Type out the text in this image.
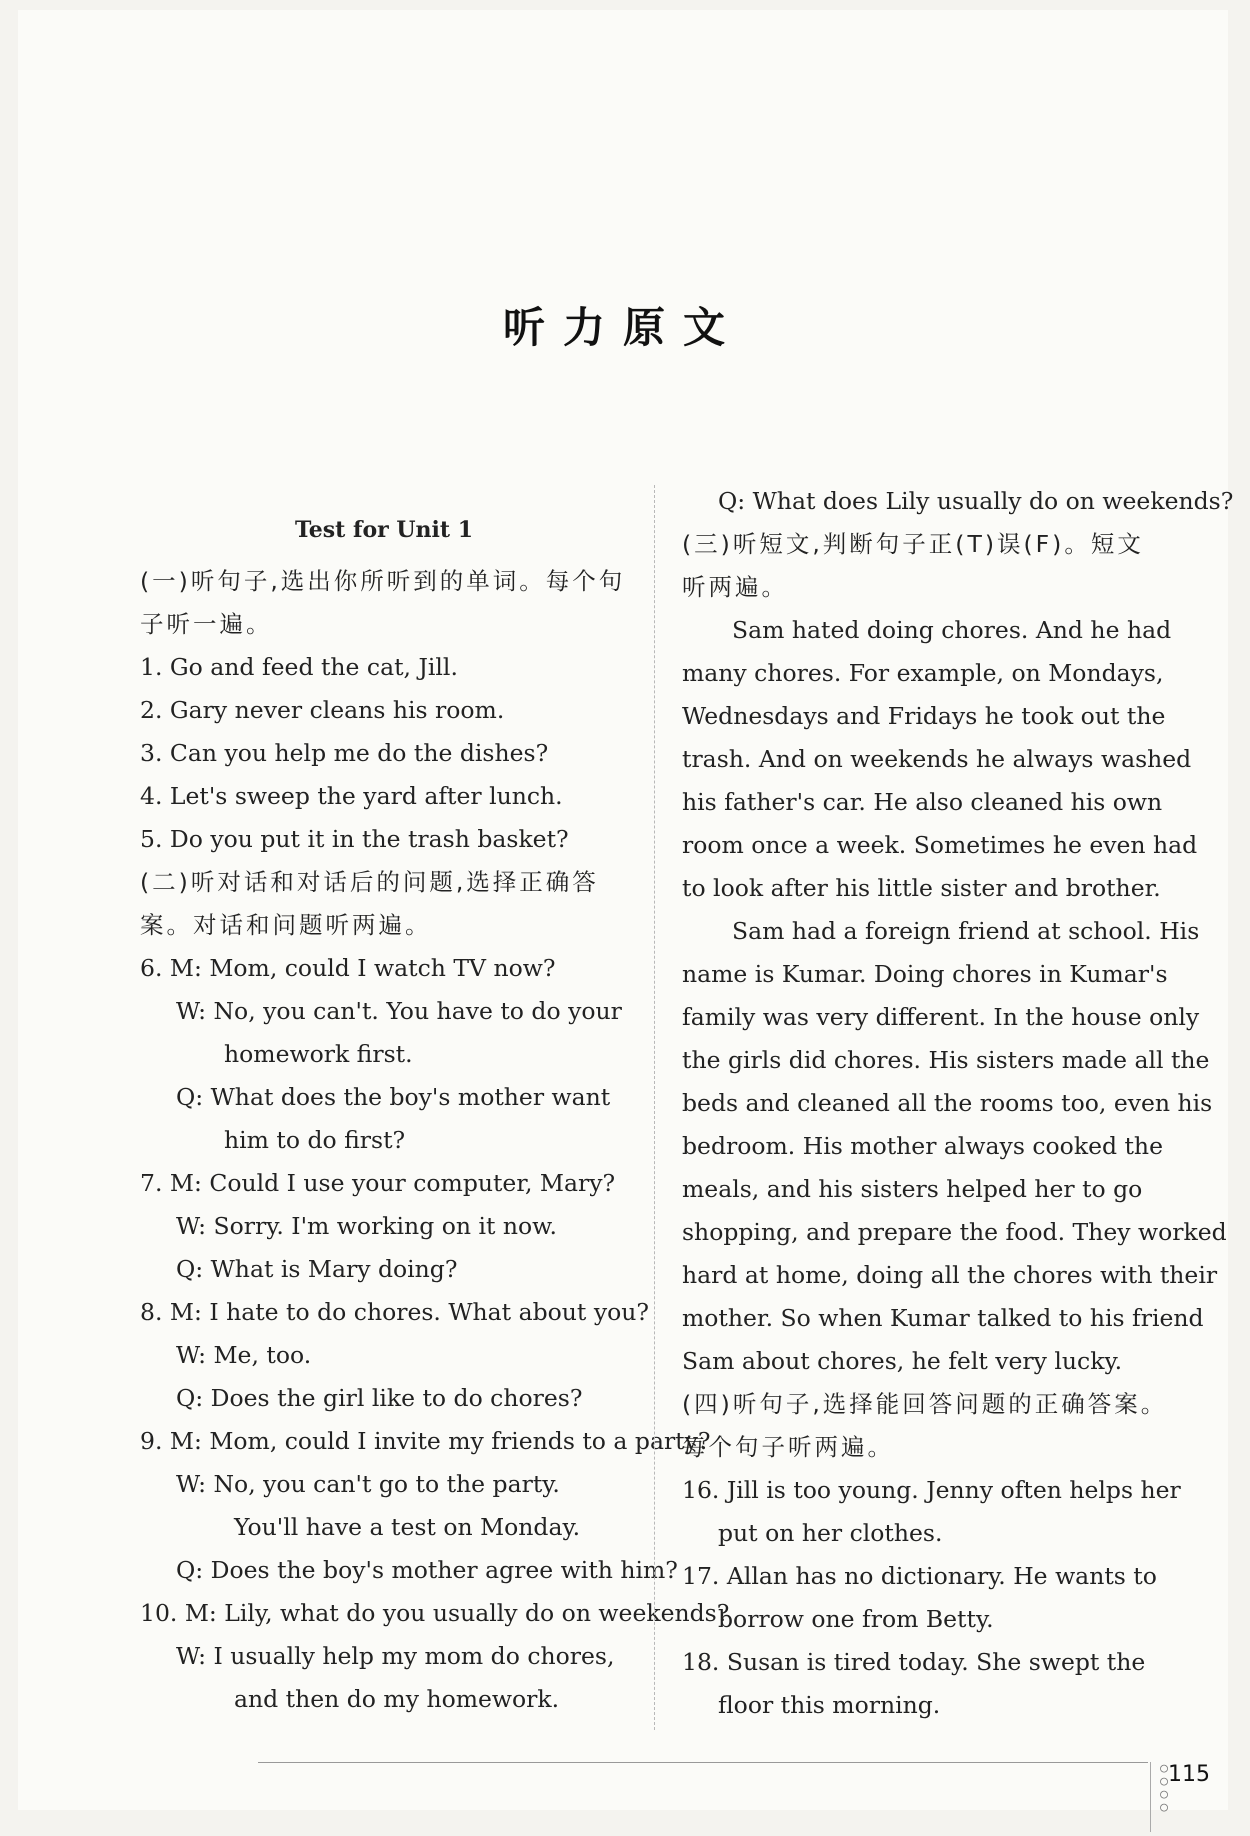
听力原文
Test for Unit 1
(一)听句子,选出你所听到的单词。每个句
子听一遍。
1. Go and feed the cat, Jill.
2. Gary never cleans his room.
3. Can you help me do the dishes?
4. Let's sweep the yard after lunch.
5. Do you put it in the trash basket?
(二)听对话和对话后的问题,选择正确答
案。对话和问题听两遍。
6. M: Mom, could I watch TV now?
W: No, you can't. You have to do your
homework first.
Q: What does the boy's mother want
him to do first?
7. M: Could I use your computer, Mary?
W: Sorry. I'm working on it now.
Q: What is Mary doing?
8. M: I hate to do chores. What about you?
W: Me, too.
Q: Does the girl like to do chores?
9. M: Mom, could I invite my friends to a party?
W: No, you can't go to the party.
You'll have a test on Monday.
Q: Does the boy's mother agree with him?
10. M: Lily, what do you usually do on weekends?
W: I usually help my mom do chores,
and then do my homework.
Q: What does Lily usually do on weekends?
(三)听短文,判断句子正(T)误(F)。短文
听两遍。
Sam hated doing chores. And he had
many chores. For example, on Mondays,
Wednesdays and Fridays he took out the
trash. And on weekends he always washed
his father's car. He also cleaned his own
room once a week. Sometimes he even had
to look after his little sister and brother.
Sam had a foreign friend at school. His
name is Kumar. Doing chores in Kumar's
family was very different. In the house only
the girls did chores. His sisters made all the
beds and cleaned all the rooms too, even his
bedroom. His mother always cooked the
meals, and his sisters helped her to go
shopping, and prepare the food. They worked
hard at home, doing all the chores with their
mother. So when Kumar talked to his friend
Sam about chores, he felt very lucky.
(四)听句子,选择能回答问题的正确答案。
每个句子听两遍。
16. Jill is too young. Jenny often helps her
put on her clothes.
17. Allan has no dictionary. He wants to
borrow one from Betty.
18. Susan is tired today. She swept the
floor this morning.
○
○
○
○
115
